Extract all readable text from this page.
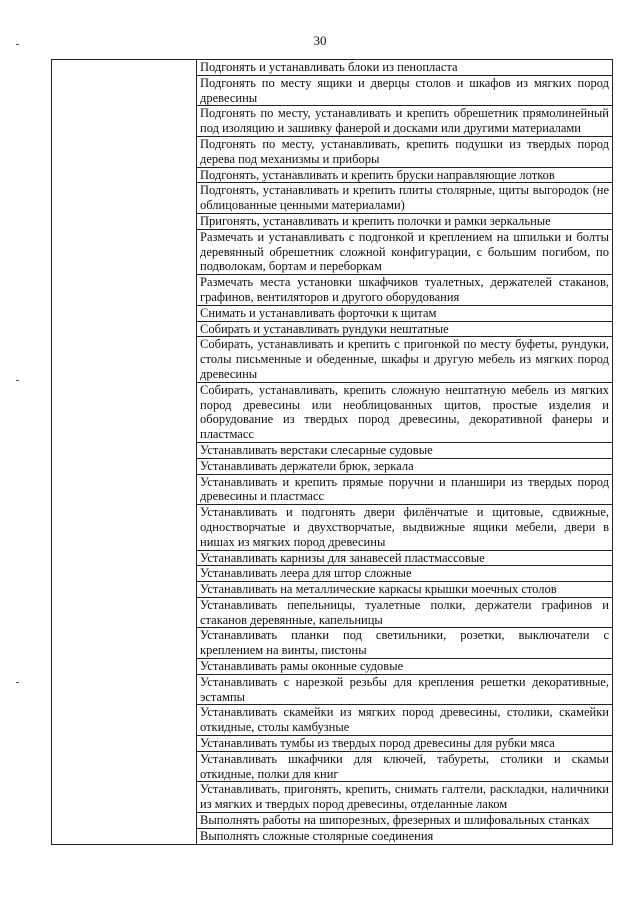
30
	Подгонять и устанавливать блоки из пенопласта
Подгонять по месту ящики и дверцы столов и шкафов из мягких пород древесины
Подгонять по месту, устанавливать и крепить обрешетник прямолинейный под изоляцию и зашивку фанерой и досками или другими материалами
Подгонять по месту, устанавливать, крепить подушки из твердых пород дерева под механизмы и приборы
Подгонять, устанавливать и крепить бруски направляющие лотков
Подгонять, устанавливать и крепить плиты столярные, щиты выгородок (не облицованные ценными материалами)
Пригонять, устанавливать и крепить полочки и рамки зеркальные
Размечать и устанавливать с подгонкой и креплением на шпильки и болты деревянный обрешетник сложной конфигурации, с большим погибом, по подволокам, бортам и переборкам
Размечать места установки шкафчиков туалетных, держателей стаканов, графинов, вентиляторов и другого оборудования
Снимать и устанавливать форточки к щитам
Собирать и устанавливать рундуки нештатные
Собирать, устанавливать и крепить с пригонкой по месту буфеты, рундуки, столы письменные и обеденные, шкафы и другую мебель из мягких пород древесины
Собирать, устанавливать, крепить сложную нештатную мебель из мягких пород древесины или необлицованных щитов, простые изделия и оборудование из твердых пород древесины, декоративной фанеры и пластмасс
Устанавливать верстаки слесарные судовые
Устанавливать держатели брюк, зеркала
Устанавливать и крепить прямые поручни и планшири из твердых пород древесины и пластмасс
Устанавливать и подгонять двери филёнчатые и щитовые, сдвижные, одностворчатые и двухстворчатые, выдвижные ящики мебели, двери в нишах из мягких пород древесины
Устанавливать карнизы для занавесей пластмассовые
Устанавливать леера для штор сложные
Устанавливать на металлические каркасы крышки моечных столов
Устанавливать пепельницы, туалетные полки, держатели графинов и стаканов деревянные, капельницы
Устанавливать планки под светильники, розетки, выключатели с креплением на винты, пистоны
Устанавливать рамы оконные судовые
Устанавливать с нарезкой резьбы для крепления решетки декоративные, эстампы
Устанавливать скамейки из мягких пород древесины, столики, скамейки откидные, столы камбузные
Устанавливать тумбы из твердых пород древесины для рубки мяса
Устанавливать шкафчики для ключей, табуреты, столики и скамьи откидные, полки для книг
Устанавливать, пригонять, крепить, снимать галтели, раскладки, наличники из мягких и твердых пород древесины, отделанные лаком
Выполнять работы на шипорезных, фрезерных и шлифовальных станках
Выполнять сложные столярные соединения
